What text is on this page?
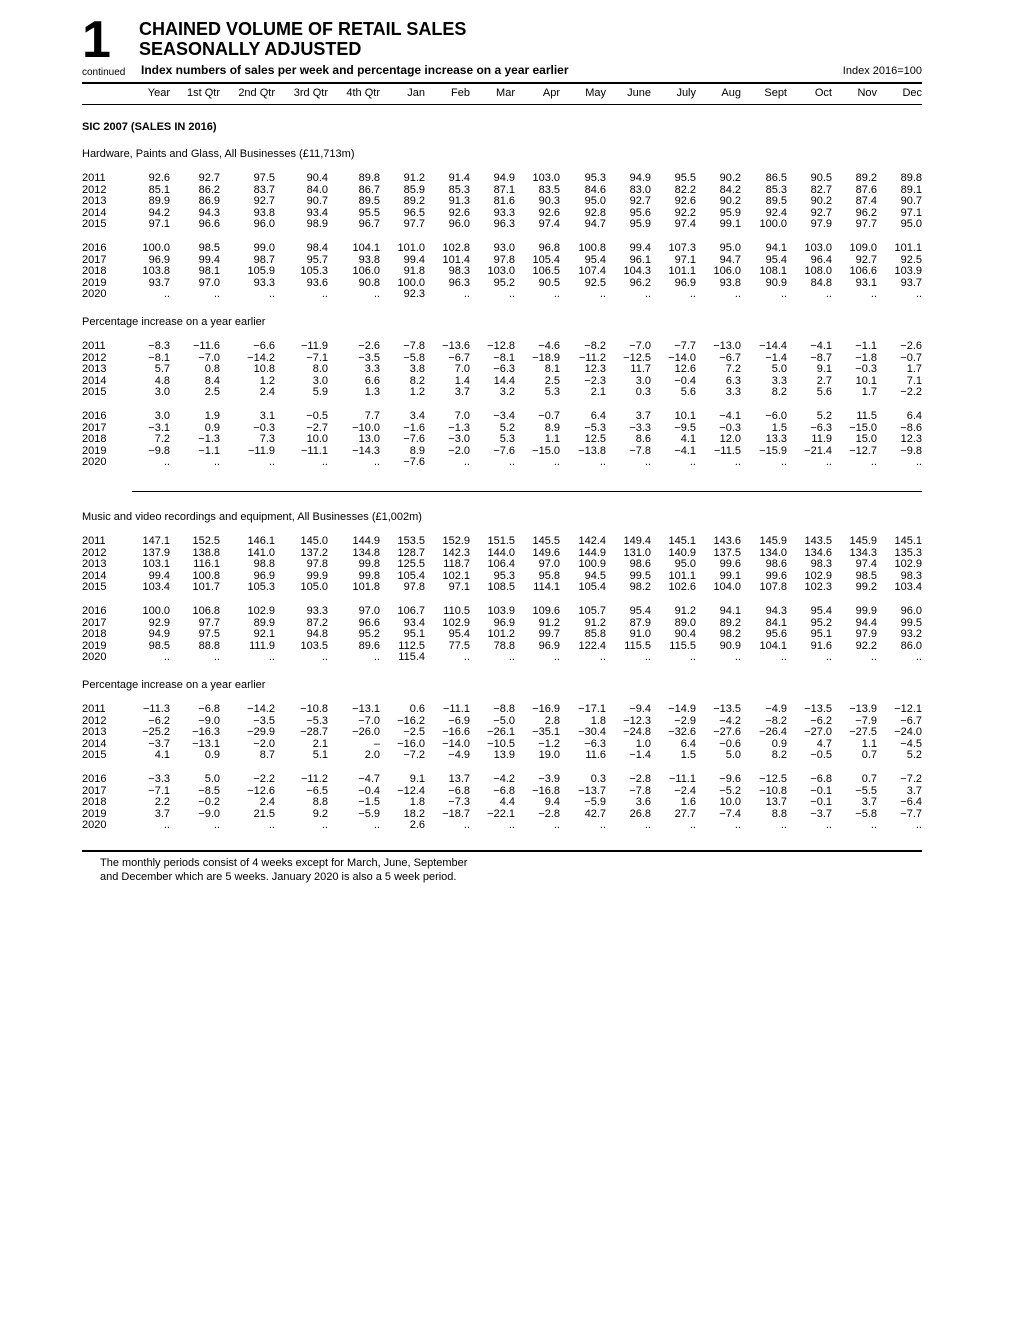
1 CHAINED VOLUME OF RETAIL SALES
SEASONALLY ADJUSTED
continued Index numbers of sales per week and percentage increase on a year earlier	Index 2016=100
	Year	1st Qtr	2nd Qtr	3rd Qtr	4th Qtr	Jan	Feb	Mar	Apr	May	June	July	Aug	Sept	Oct	Nov	Dec
SIC 2007 (SALES IN 2016)
Hardware, Paints and Glass, All Businesses (£11,713m)
2011	92.6	92.7	97.5	90.4	89.8	91.2	91.4	94.9	103.0	95.3	94.9	95.5	90.2	86.5	90.5	89.2	89.8
2012	85.1	86.2	83.7	84.0	86.7	85.9	85.3	87.1	83.5	84.6	83.0	82.2	84.2	85.3	82.7	87.6	89.1
2013	89.9	86.9	92.7	90.7	89.5	89.2	91.3	81.6	90.3	95.0	92.7	92.6	90.2	89.5	90.2	87.4	90.7
2014	94.2	94.3	93.8	93.4	95.5	96.5	92.6	93.3	92.6	92.8	95.6	92.2	95.9	92.4	92.7	96.2	97.1
2015	97.1	96.6	96.0	98.9	96.7	97.7	96.0	96.3	97.4	94.7	95.9	97.4	99.1	100.0	97.9	97.7	95.0

2016	100.0	98.5	99.0	98.4	104.1	101.0	102.8	93.0	96.8	100.8	99.4	107.3	95.0	94.1	103.0	109.0	101.1
2017	96.9	99.4	98.7	95.7	93.8	99.4	101.4	97.8	105.4	95.4	96.1	97.1	94.7	95.4	96.4	92.7	92.5
2018	103.8	98.1	105.9	105.3	106.0	91.8	98.3	103.0	106.5	107.4	104.3	101.1	106.0	108.1	108.0	106.6	103.9
2019	93.7	97.0	93.3	93.6	90.8	100.0	96.3	95.2	90.5	92.5	96.2	96.9	93.8	90.9	84.8	93.1	93.7
2020	..	..	..	..	..	92.3	..	..	..	..	..	..	..	..	..	..	..
Percentage increase on a year earlier
2011	−8.3	−11.6	−6.6	−11.9	−2.6	−7.8	−13.6	−12.8	−4.6	−8.2	−7.0	−7.7	−13.0	−14.4	−4.1	−1.1	−2.6
2012	−8.1	−7.0	−14.2	−7.1	−3.5	−5.8	−6.7	−8.1	−18.9	−11.2	−12.5	−14.0	−6.7	−1.4	−8.7	−1.8	−0.7
2013	5.7	0.8	10.8	8.0	3.3	3.8	7.0	−6.3	8.1	12.3	11.7	12.6	7.2	5.0	9.1	−0.3	1.7
2014	4.8	8.4	1.2	3.0	6.6	8.2	1.4	14.4	2.5	−2.3	3.0	−0.4	6.3	3.3	2.7	10.1	7.1
2015	3.0	2.5	2.4	5.9	1.3	1.2	3.7	3.2	5.3	2.1	0.3	5.6	3.3	8.2	5.6	1.7	−2.2

2016	3.0	1.9	3.1	−0.5	7.7	3.4	7.0	−3.4	−0.7	6.4	3.7	10.1	−4.1	−6.0	5.2	11.5	6.4
2017	−3.1	0.9	−0.3	−2.7	−10.0	−1.6	−1.3	5.2	8.9	−5.3	−3.3	−9.5	−0.3	1.5	−6.3	−15.0	−8.6
2018	7.2	−1.3	7.3	10.0	13.0	−7.6	−3.0	5.3	1.1	12.5	8.6	4.1	12.0	13.3	11.9	15.0	12.3
2019	−9.8	−1.1	−11.9	−11.1	−14.3	8.9	−2.0	−7.6	−15.0	−13.8	−7.8	−4.1	−11.5	−15.9	−21.4	−12.7	−9.8
2020	..	..	..	..	..	−7.6	..	..	..	..	..	..	..	..	..	..	..
Music and video recordings and equipment, All Businesses (£1,002m)
2011	147.1	152.5	146.1	145.0	144.9	153.5	152.9	151.5	145.5	142.4	149.4	145.1	143.6	145.9	143.5	145.9	145.1
2012	137.9	138.8	141.0	137.2	134.8	128.7	142.3	144.0	149.6	144.9	131.0	140.9	137.5	134.0	134.6	134.3	135.3
2013	103.1	116.1	98.8	97.8	99.8	125.5	118.7	106.4	97.0	100.9	98.6	95.0	99.6	98.6	98.3	97.4	102.9
2014	99.4	100.8	96.9	99.9	99.8	105.4	102.1	95.3	95.8	94.5	99.5	101.1	99.1	99.6	102.9	98.5	98.3
2015	103.4	101.7	105.3	105.0	101.8	97.8	97.1	108.5	114.1	105.4	98.2	102.6	104.0	107.8	102.3	99.2	103.4

2016	100.0	106.8	102.9	93.3	97.0	106.7	110.5	103.9	109.6	105.7	95.4	91.2	94.1	94.3	95.4	99.9	96.0
2017	92.9	97.7	89.9	87.2	96.6	93.4	102.9	96.9	91.2	91.2	87.9	89.0	89.2	84.1	95.2	94.4	99.5
2018	94.9	97.5	92.1	94.8	95.2	95.1	95.4	101.2	99.7	85.8	91.0	90.4	98.2	95.6	95.1	97.9	93.2
2019	98.5	88.8	111.9	103.5	89.6	112.5	77.5	78.8	96.9	122.4	115.5	115.5	90.9	104.1	91.6	92.2	86.0
2020	..	..	..	..	..	115.4	..	..	..	..	..	..	..	..	..	..	..
Percentage increase on a year earlier
2011	−11.3	−6.8	−14.2	−10.8	−13.1	0.6	−11.1	−8.8	−16.9	−17.1	−9.4	−14.9	−13.5	−4.9	−13.5	−13.9	−12.1
2012	−6.2	−9.0	−3.5	−5.3	−7.0	−16.2	−6.9	−5.0	2.8	1.8	−12.3	−2.9	−4.2	−8.2	−6.2	−7.9	−6.7
2013	−25.2	−16.3	−29.9	−28.7	−26.0	−2.5	−16.6	−26.1	−35.1	−30.4	−24.8	−32.6	−27.6	−26.4	−27.0	−27.5	−24.0
2014	−3.7	−13.1	−2.0	2.1	–	−16.0	−14.0	−10.5	−1.2	−6.3	1.0	6.4	−0.6	0.9	4.7	1.1	−4.5
2015	4.1	0.9	8.7	5.1	2.0	−7.2	−4.9	13.9	19.0	11.6	−1.4	1.5	5.0	8.2	−0.5	0.7	5.2

2016	−3.3	5.0	−2.2	−11.2	−4.7	9.1	13.7	−4.2	−3.9	0.3	−2.8	−11.1	−9.6	−12.5	−6.8	0.7	−7.2
2017	−7.1	−8.5	−12.6	−6.5	−0.4	−12.4	−6.8	−6.8	−16.8	−13.7	−7.8	−2.4	−5.2	−10.8	−0.1	−5.5	3.7
2018	2.2	−0.2	2.4	8.8	−1.5	1.8	−7.3	4.4	9.4	−5.9	3.6	1.6	10.0	13.7	−0.1	3.7	−6.4
2019	3.7	−9.0	21.5	9.2	−5.9	18.2	−18.7	−22.1	−2.8	42.7	26.8	27.7	−7.4	8.8	−3.7	−5.8	−7.7
2020	..	..	..	..	..	2.6	..	..	..	..	..	..	..	..	..	..	..
The monthly periods consist of 4 weeks except for March, June, September
and December which are 5 weeks. January 2020 is also a 5 week period.
